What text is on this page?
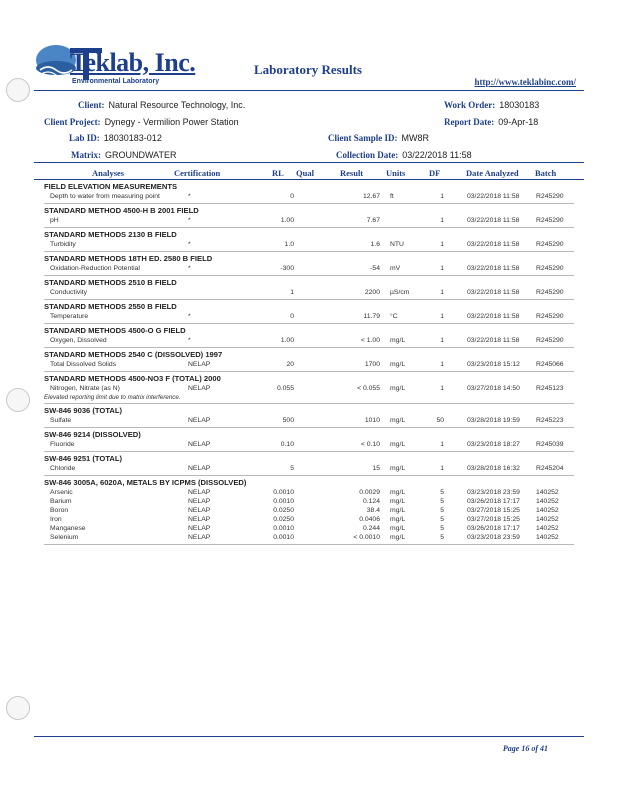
Teklab, Inc.
Environmental Laboratory
Laboratory Results
http://www.teklabinc.com/
Client: Natural Resource Technology, Inc.	Work Order: 18030183
Client Project: Dynegy - Vermilion Power Station	Report Date: 09-Apr-18
Lab ID: 18030183-012	Client Sample ID: MW8R
Matrix: GROUNDWATER	Collection Date: 03/22/2018 11:58
Analyses	Certification	RL Qual	Result	Units	DF	Date Analyzed Batch
FIELD ELEVATION MEASUREMENTS
Depth to water from measuring point	*	0	12.67 ft	1	03/22/2018 11:58	R245290
STANDARD METHOD 4500-H B 2001 FIELD
pH	*	1.00	7.67	1	03/22/2018 11:58	R245290
STANDARD METHODS 2130 B FIELD
Turbidity	*	1.0	1.6 NTU	1	03/22/2018 11:58	R245290
STANDARD METHODS 18TH ED. 2580 B FIELD
Oxidation-Reduction Potential	*	-300	-54 mV	1	03/22/2018 11:58	R245290
STANDARD METHODS 2510 B FIELD
Conductivity	1	2200 µS/cm	1	03/22/2018 11:58	R245290
STANDARD METHODS 2550 B FIELD
Temperature	*	0	11.79 °C	1	03/22/2018 11:58	R245290
STANDARD METHODS 4500-O G FIELD
Oxygen, Dissolved	*	1.00	< 1.00 mg/L	1	03/22/2018 11:58	R245290
STANDARD METHODS 2540 C (DISSOLVED) 1997
Total Dissolved Solids	NELAP	20	1700 mg/L	1	03/23/2018 15:12	R245066
STANDARD METHODS 4500-NO3 F (TOTAL) 2000
Nitrogen, Nitrate (as N)	NELAP	0.055	< 0.055 mg/L	1	03/27/2018 14:50	R245123
Elevated reporting limit due to matrix interference.
SW-846 9036 (TOTAL)
Sulfate	NELAP	500	1010 mg/L	50	03/28/2018 19:59	R245223
SW-846 9214 (DISSOLVED)
Fluoride	NELAP	0.10	< 0.10 mg/L	1	03/23/2018 18:27	R245039
SW-846 9251 (TOTAL)
Chloride	NELAP	5	15 mg/L	1	03/28/2018 16:32	R245204
SW-846 3005A, 6020A, METALS BY ICPMS (DISSOLVED)
Arsenic	NELAP	0.0010	0.0029 mg/L	5	03/23/2018 23:59	140252
Barium	NELAP	0.0010	0.124 mg/L	5	03/26/2018 17:17	140252
Boron	NELAP	0.0250	38.4 mg/L	5	03/27/2018 15:25	140252
Iron	NELAP	0.0250	0.0406 mg/L	5	03/27/2018 15:25	140252
Manganese	NELAP	0.0010	0.244 mg/L	5	03/26/2018 17:17	140252
Selenium	NELAP	0.0010	< 0.0010 mg/L	5	03/23/2018 23:59	140252
Page 16 of 41
